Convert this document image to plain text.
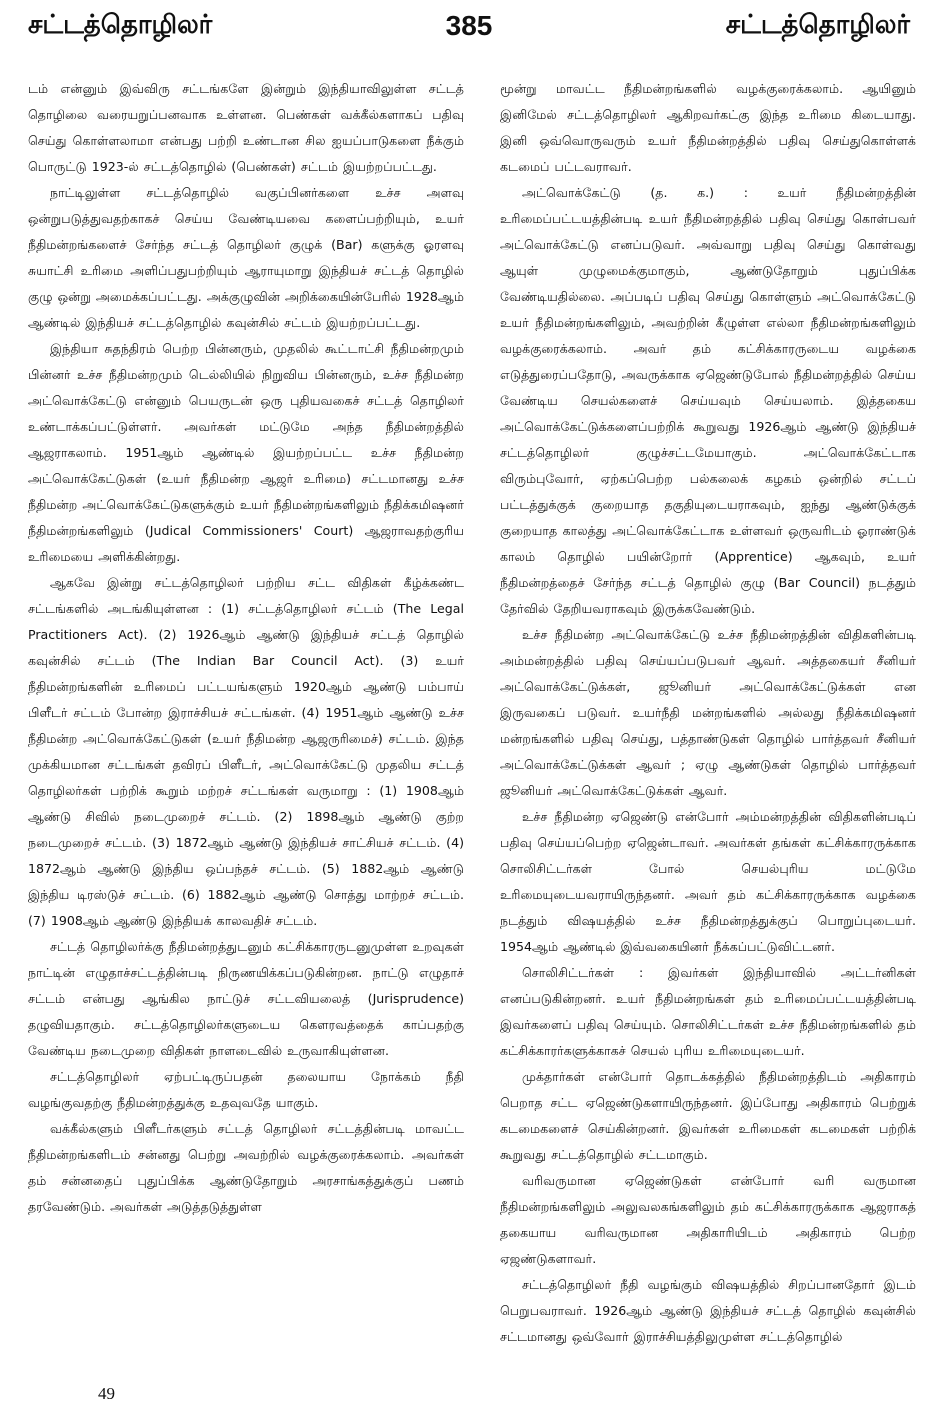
சட்டத்தொழிலர்	385	சட்டத்தொழிலர்

டம் என்னும் இவ்விரு சட்டங்களே இன்றும் இந்தியாவிலுள்ள சட்டத் தொழிலை வரையறுப்பனவாக உள்ளன. பெண்கள் வக்கீல்களாகப் பதிவு செய்து கொள்ளலாமா என்பது பற்றி உண்டான சில ஐயப்பாடுகளை நீக்கும் பொருட்டு 1923-ல் சட்டத்தொழில் (பெண்கள்) சட்டம் இயற்றப்பட்டது.

நாட்டிலுள்ள சட்டத்தொழில் வகுப்பினர்களை உச்ச அளவு ஒன்றுபடுத்துவதற்காகச் செய்ய வேண்டியவை களைப்பற்றியும், உயர் நீதிமன்றங்களைச் சேர்ந்த சட்டத் தொழிலர் குழுக் (Bar) களுக்கு ஓரளவு சுயாட்சி உரிமை அளிப்பதுபற்றியும் ஆராயுமாறு இந்தியச் சட்டத் தொழில் குழு ஒன்று அமைக்கப்பட்டது. அக்குழுவின் அறிக்கையின்பேரில் 1928ஆம் ஆண்டில் இந்தியச் சட்டத்தொழில் கவுன்சில் சட்டம் இயற்றப்பட்டது.

இந்தியா சுதந்திரம் பெற்ற பின்னரும், முதலில் கூட்டாட்சி நீதிமன்றமும் பின்னர் உச்ச நீதிமன்றமும் டெல்லியில் நிறுவிய பின்னரும், உச்ச நீதிமன்ற அட்வொக்கேட்டு என்னும் பெயருடன் ஒரு புதியவகைச் சட்டத் தொழிலர் உண்டாக்கப்பட்டுள்ளர். அவர்கள் மட்டுமே அந்த நீதிமன்றத்தில் ஆஜராகலாம். 1951ஆம் ஆண்டில் இயற்றப்பட்ட உச்ச நீதிமன்ற அட்வொக்கேட்டுகள் (உயர் நீதிமன்ற ஆஜர் உரிமை) சட்டமானது உச்ச நீதிமன்ற அட்வொக்கேட்டுகளுக்கும் உயர் நீதிமன்றங்களிலும் நீதிக்கமிஷனர் நீதிமன்றங்களிலும் (Judical Commissioners' Court) ஆஜராவதற்குரிய உரிமையை அளிக்கின்றது.

ஆகவே இன்று சட்டத்தொழிலர் பற்றிய சட்ட விதிகள் கீழ்க்கண்ட சட்டங்களில் அடங்கியுள்ளன : (1) சட்டத்தொழிலர் சட்டம் (The Legal Practitioners Act). (2) 1926ஆம் ஆண்டு இந்தியச் சட்டத் தொழில் கவுன்சில் சட்டம் (The Indian Bar Council Act). (3) உயர் நீதிமன்றங்களின் உரிமைப் பட்டயங்களும் 1920ஆம் ஆண்டு பம்பாய் பிளீடர் சட்டம் போன்ற இராச்சியச் சட்டங்கள். (4) 1951ஆம் ஆண்டு உச்ச நீதிமன்ற அட்வொக்கேட்டுகள் (உயர் நீதிமன்ற ஆஜருரிமைச்) சட்டம். இந்த முக்கியமான சட்டங்கள் தவிரப் பிளீடர், அட்வொக்கேட்டு முதலிய சட்டத் தொழிலர்கள் பற்றிக் கூறும் மற்றச் சட்டங்கள் வருமாறு : (1) 1908ஆம் ஆண்டு சிவில் நடைமுறைச் சட்டம். (2) 1898ஆம் ஆண்டு குற்ற நடைமுறைச் சட்டம். (3) 1872ஆம் ஆண்டு இந்தியச் சாட்சியச் சட்டம். (4) 1872ஆம் ஆண்டு இந்திய ஒப்பந்தச் சட்டம். (5) 1882ஆம் ஆண்டு இந்திய டிரஸ்டுச் சட்டம். (6) 1882ஆம் ஆண்டு சொத்து மாற்றச் சட்டம். (7) 1908ஆம் ஆண்டு இந்தியக் காலவதிச் சட்டம்.

சட்டத் தொழிலர்க்கு நீதிமன்றத்துடனும் கட்சிக்காரருடனுமுள்ள உறவுகள் நாட்டின் எழுதாச்சட்டத்தின்படி நிருணயிக்கப்படுகின்றன. நாட்டு எழுதாச் சட்டம் என்பது ஆங்கில நாட்டுச் சட்டவியலைத் (Jurisprudence) தழுவியதாகும். சட்டத்தொழிலர்களுடைய கௌரவத்தைக் காப்பதற்கு வேண்டிய நடைமுறை விதிகள் நாளடைவில் உருவாகியுள்ளன.

சட்டத்தொழிலர் ஏற்பட்டிருப்பதன் தலையாய நோக்கம் நீதி வழங்குவதற்கு நீதிமன்றத்துக்கு உதவுவதே யாகும்.

வக்கீல்களும் பிளீடர்களும் சட்டத் தொழிலர் சட்டத்தின்படி மாவட்ட நீதிமன்றங்களிடம் சன்னது பெற்று அவற்றில் வழக்குரைக்கலாம். அவர்கள் தம் சன்னதைப் புதுப்பிக்க ஆண்டுதோறும் அரசாங்கத்துக்குப் பணம் தரவேண்டும். அவர்கள் அடுத்தடுத்துள்ள

மூன்று மாவட்ட நீதிமன்றங்களில் வழக்குரைக்கலாம். ஆயினும் இனிமேல் சட்டத்தொழிலர் ஆகிறவர்கட்கு இந்த உரிமை கிடையாது. இனி ஒவ்வொருவரும் உயர் நீதிமன்றத்தில் பதிவு செய்துகொள்ளக் கடமைப் பட்டவராவர்.

அட்வொக்கேட்டு (த. க.) : உயர் நீதிமன்றத்தின் உரிமைப்பட்டயத்தின்படி உயர் நீதிமன்றத்தில் பதிவு செய்து கொள்பவர் அட்வொக்கேட்டு எனப்படுவர். அவ்வாறு பதிவு செய்து கொள்வது ஆயுள் முழுமைக்குமாகும், ஆண்டுதோறும் புதுப்பிக்க வேண்டியதில்லை. அப்படிப் பதிவு செய்து கொள்ளும் அட்வொக்கேட்டு உயர் நீதிமன்றங்களிலும், அவற்றின் கீழுள்ள எல்லா நீதிமன்றங்களிலும் வழக்குரைக்கலாம். அவர் தம் கட்சிக்காரருடைய வழக்கை எடுத்துரைப்பதோடு, அவருக்காக ஏஜெண்டுபோல் நீதிமன்றத்தில் செய்ய வேண்டிய செயல்களைச் செய்யவும் செய்யலாம். இத்தகைய அட்வொக்கேட்டுக்களைப்பற்றிக் கூறுவது 1926ஆம் ஆண்டு இந்தியச் சட்டத்தொழிலர் குழுச்சட்டமேயாகும். அட்வொக்கேட்டாக விரும்புவோர், ஏற்கப்பெற்ற பல்கலைக் கழகம் ஒன்றில் சட்டப் பட்டத்துக்குக் குறையாத தகுதியுடையராகவும், ஐந்து ஆண்டுக்குக் குறையாத காலத்து அட்வொக்கேட்டாக உள்ளவர் ஒருவரிடம் ஓராண்டுக் காலம் தொழில் பயின்றோர் (Apprentice) ஆகவும், உயர் நீதிமன்றத்தைச் சேர்ந்த சட்டத் தொழில் குழு (Bar Council) நடத்தும் தேர்வில் தேறியவராகவும் இருக்கவேண்டும்.

உச்ச நீதிமன்ற அட்வொக்கேட்டு உச்ச நீதிமன்றத்தின் விதிகளின்படி அம்மன்றத்தில் பதிவு செய்யப்படுபவர் ஆவர். அத்தகையர் சீனியர் அட்வொக்கேட்டுக்கள், ஜூனியர் அட்வொக்கேட்டுக்கள் என இருவகைப் படுவர். உயர்நீதி மன்றங்களில் அல்லது நீதிக்கமிஷனர் மன்றங்களில் பதிவு செய்து, பத்தாண்டுகள் தொழில் பார்த்தவர் சீனியர் அட்வொக்கேட்டுக்கள் ஆவர் ; ஏழு ஆண்டுகள் தொழில் பார்த்தவர் ஜூனியர் அட்வொக்கேட்டுக்கள் ஆவர்.

உச்ச நீதிமன்ற ஏஜெண்டு என்போர் அம்மன்றத்தின் விதிகளின்படிப் பதிவு செய்யப்பெற்ற ஏஜென்டாவர். அவர்கள் தங்கள் கட்சிக்காரருக்காக சொலிசிட்டர்கள் போல் செயல்புரிய மட்டுமே உரிமையுடையவராயிருந்தனர். அவர் தம் கட்சிக்காரருக்காக வழக்கை நடத்தும் விஷயத்தில் உச்ச நீதிமன்றத்துக்குப் பொறுப்புடையர். 1954ஆம் ஆண்டில் இவ்வகையினர் நீக்கப்பட்டுவிட்டனர்.

சொலிசிட்டர்கள் : இவர்கள் இந்தியாவில் அட்டர்னிகள் எனப்படுகின்றனர். உயர் நீதிமன்றங்கள் தம் உரிமைப்பட்டயத்தின்படி இவர்களைப் பதிவு செய்யும். சொலிசிட்டர்கள் உச்ச நீதிமன்றங்களில் தம் கட்சிக்காரர்களுக்காகச் செயல் புரிய உரிமையுடையர்.

முக்தார்கள் என்போர் தொடக்கத்தில் நீதிமன்றத்திடம் அதிகாரம் பெறாத சட்ட ஏஜெண்டுகளாயிருந்தனர். இப்போது அதிகாரம் பெற்றுக் கடமைகளைச் செய்கின்றனர். இவர்கள் உரிமைகள் கடமைகள் பற்றிக் கூறுவது சட்டத்தொழில் சட்டமாகும்.

வரிவருமான ஏஜெண்டுகள் என்போர் வரி வருமான நீதிமன்றங்களிலும் அலுவலகங்களிலும் தம் கட்சிக்காரருக்காக ஆஜராகத் தகையாய வரிவருமான அதிகாரியிடம் அதிகாரம் பெற்ற ஏஜண்டுகளாவர்.

சட்டத்தொழிலர் நீதி வழங்கும் விஷயத்தில் சிறப்பானதோர் இடம் பெறுபவராவர். 1926ஆம் ஆண்டு இந்தியச் சட்டத் தொழில் கவுன்சில் சட்டமானது ஒவ்வோர் இராச்சியத்திலுமுள்ள சட்டத்தொழில்

49
